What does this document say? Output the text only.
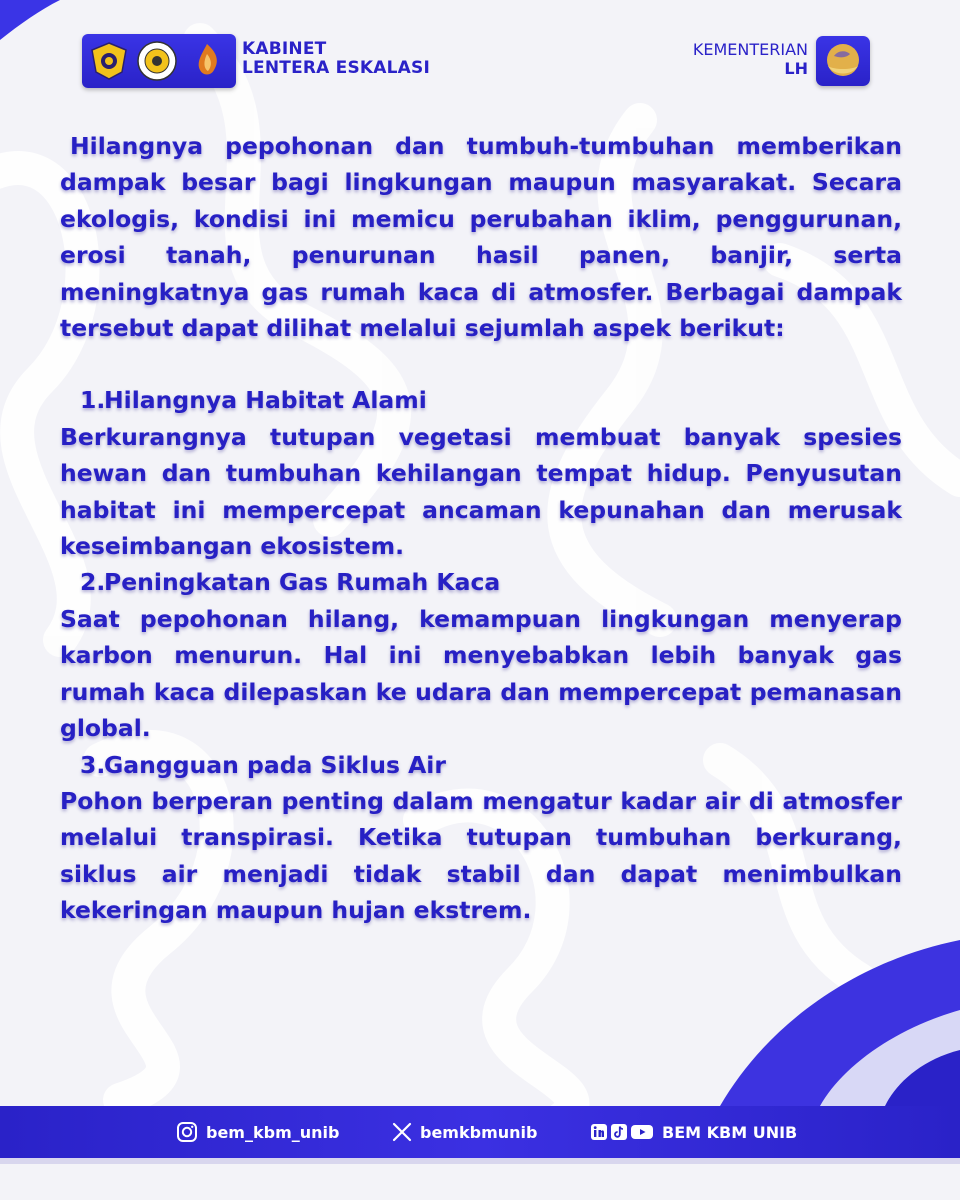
KABINET
LENTERA ESKALASI
KEMENTERIAN
LH

Hilangnya pepohonan dan tumbuh-tumbuhan memberikan dampak besar bagi lingkungan maupun masyarakat. Secara ekologis, kondisi ini memicu perubahan iklim, penggurunan, erosi tanah, penurunan hasil panen, banjir, serta meningkatnya gas rumah kaca di atmosfer. Berbagai dampak tersebut dapat dilihat melalui sejumlah aspek berikut:

1.
Hilangnya Habitat Alami

Berkurangnya tutupan vegetasi membuat banyak spesies hewan dan tumbuhan kehilangan tempat hidup. Penyusutan habitat ini mempercepat ancaman kepunahan dan merusak keseimbangan ekosistem.

2.
Peningkatan Gas Rumah Kaca

Saat pepohonan hilang, kemampuan lingkungan menyerap karbon menurun. Hal ini menyebabkan lebih banyak gas rumah kaca dilepaskan ke udara dan mempercepat pemanasan global.

3.
Gangguan pada Siklus Air

Pohon berperan penting dalam mengatur kadar air di atmosfer melalui transpirasi. Ketika tutupan tumbuhan berkurang, siklus air menjadi tidak stabil dan dapat menimbulkan kekeringan maupun hujan ekstrem.

bem_kbm_unib	bemkbmunib	BEM KBM UNIB
